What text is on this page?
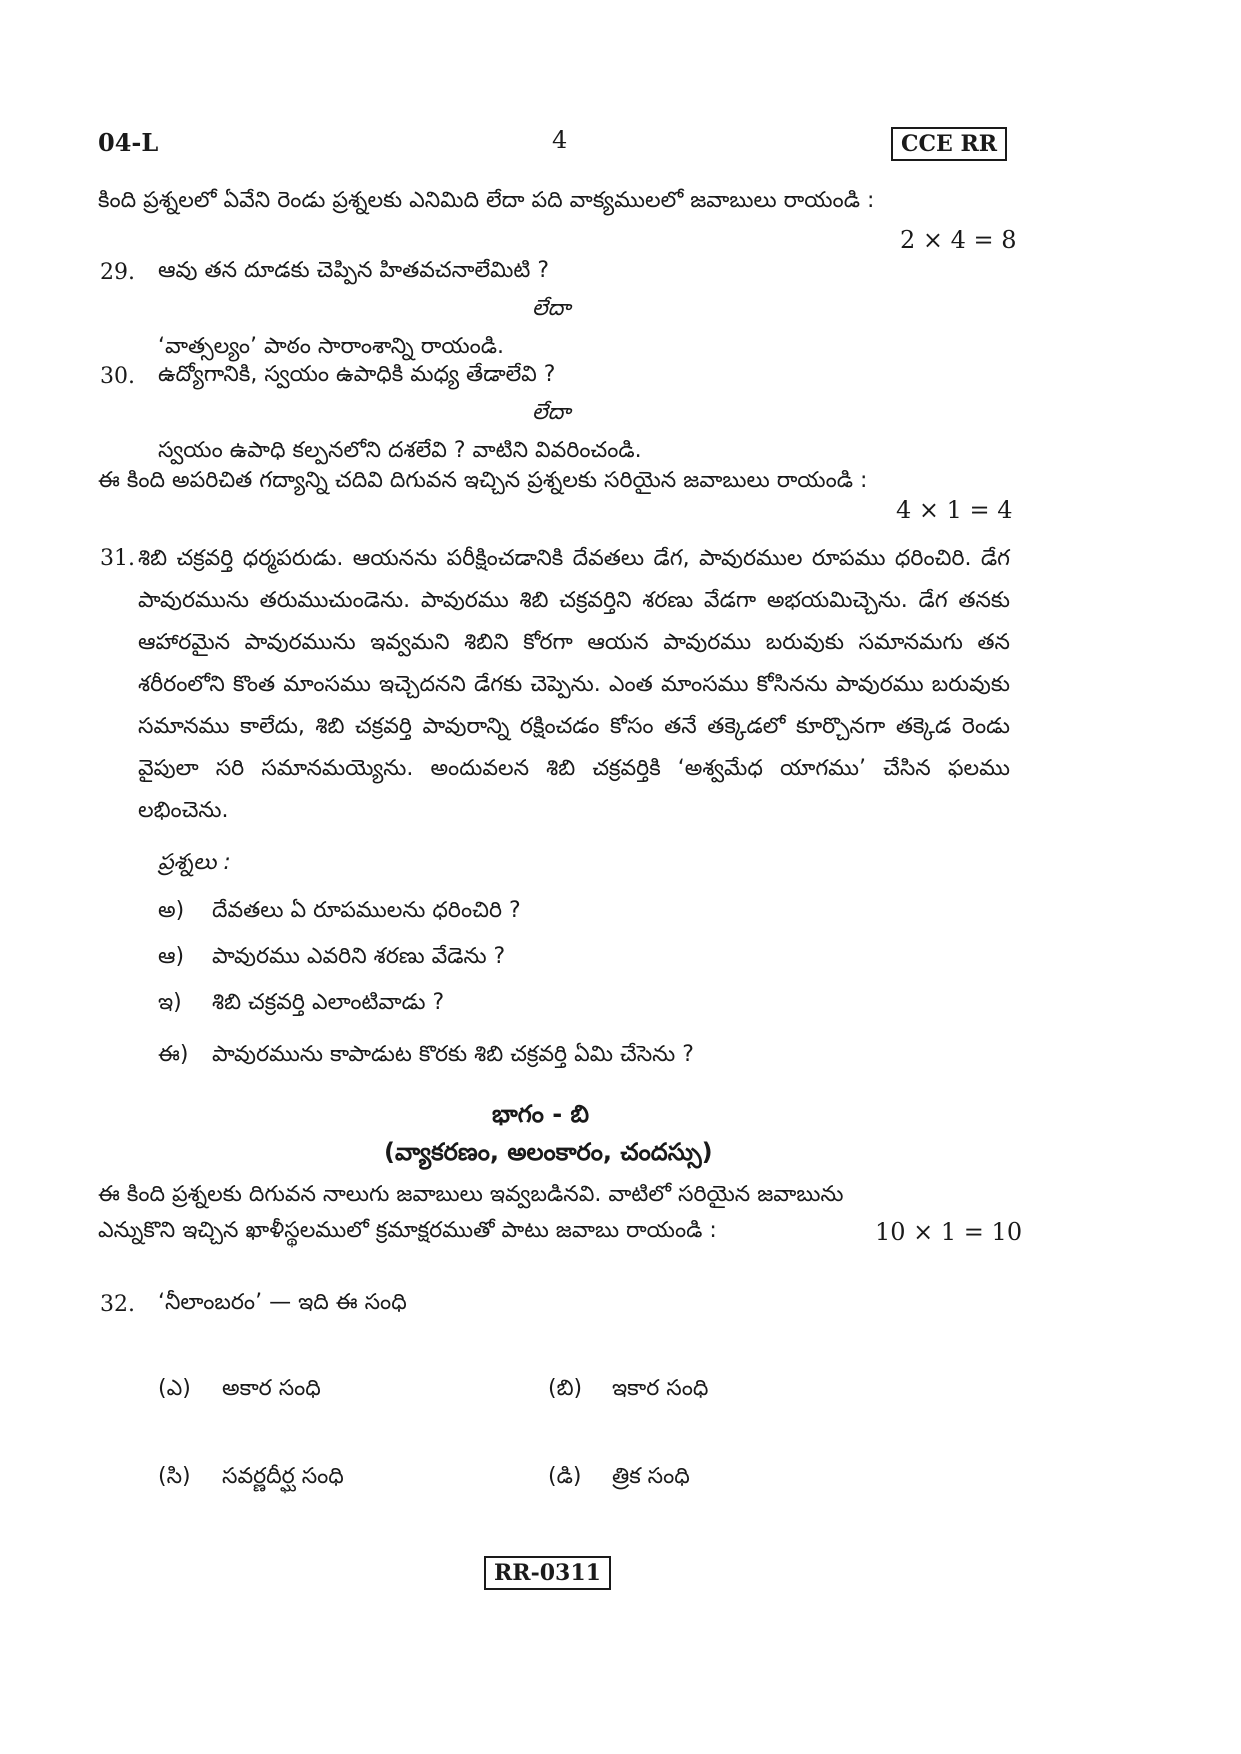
04-L	4	CCE RR
కింది ప్రశ్నలలో ఏవేని రెండు ప్రశ్నలకు ఎనిమిది లేదా పది వాక్యములలో జవాబులు రాయండి :
2 × 4 = 8
29. ఆవు తన దూడకు చెప్పిన హితవచనాలేమిటి ?
లేదా
‘వాత్సల్యం’ పాఠం సారాంశాన్ని రాయండి.
30. ఉద్యోగానికి, స్వయం ఉపాధికి మధ్య తేడాలేవి ?
లేదా
స్వయం ఉపాధి కల్పనలోని దశలేవి ? వాటిని వివరించండి.
ఈ కింది అపరిచిత గద్యాన్ని చదివి దిగువన ఇచ్చిన ప్రశ్నలకు సరియైన జవాబులు రాయండి :
4 × 1 = 4
31. శిబి చక్రవర్తి ధర్మపరుడు. ఆయనను పరీక్షించడానికి దేవతలు డేగ, పావురముల రూపము ధరించిరి. డేగ పావురమును తరుముచుండెను. పావురము శిబి చక్రవర్తిని శరణు వేడగా అభయమిచ్చెను. డేగ తనకు ఆహారమైన పావురమును ఇవ్వమని శిబిని కోరగా ఆయన పావురము బరువుకు సమానమగు తన శరీరంలోని కొంత మాంసము ఇచ్చెదనని డేగకు చెప్పెను. ఎంత మాంసము కోసినను పావురము బరువుకు సమానము కాలేదు, శిబి చక్రవర్తి పావురాన్ని రక్షించడం కోసం తనే తక్కెడలో కూర్చొనగా తక్కెడ రెండు వైపులా సరి సమానమయ్యెను. అందువలన శిబి చక్రవర్తికి ‘అశ్వమేధ యాగము’ చేసిన ఫలము లభించెను.
ప్రశ్నలు :
అ) దేవతలు ఏ రూపములను ధరించిరి ?
ఆ) పావురము ఎవరిని శరణు వేడెను ?
ఇ) శిబి చక్రవర్తి ఎలాంటివాడు ?
ఈ) పావురమును కాపాడుట కొరకు శిబి చక్రవర్తి ఏమి చేసెను ?
భాగం - బి
(వ్యాకరణం, అలంకారం, చందస్సు)
ఈ కింది ప్రశ్నలకు దిగువన నాలుగు జవాబులు ఇవ్వబడినవి. వాటిలో సరియైన జవాబును
ఎన్నుకొని ఇచ్చిన ఖాళీస్థలములో క్రమాక్షరముతో పాటు జవాబు రాయండి :	10 × 1 = 10
32. ‘నీలాంబరం’ — ఇది ఈ సంధి
(ఎ) అకార సంధి	(బి) ఇకార సంధి
(సి) సవర్ణదీర్ఘ సంధి	(డి) త్రిక సంధి
RR-0311
